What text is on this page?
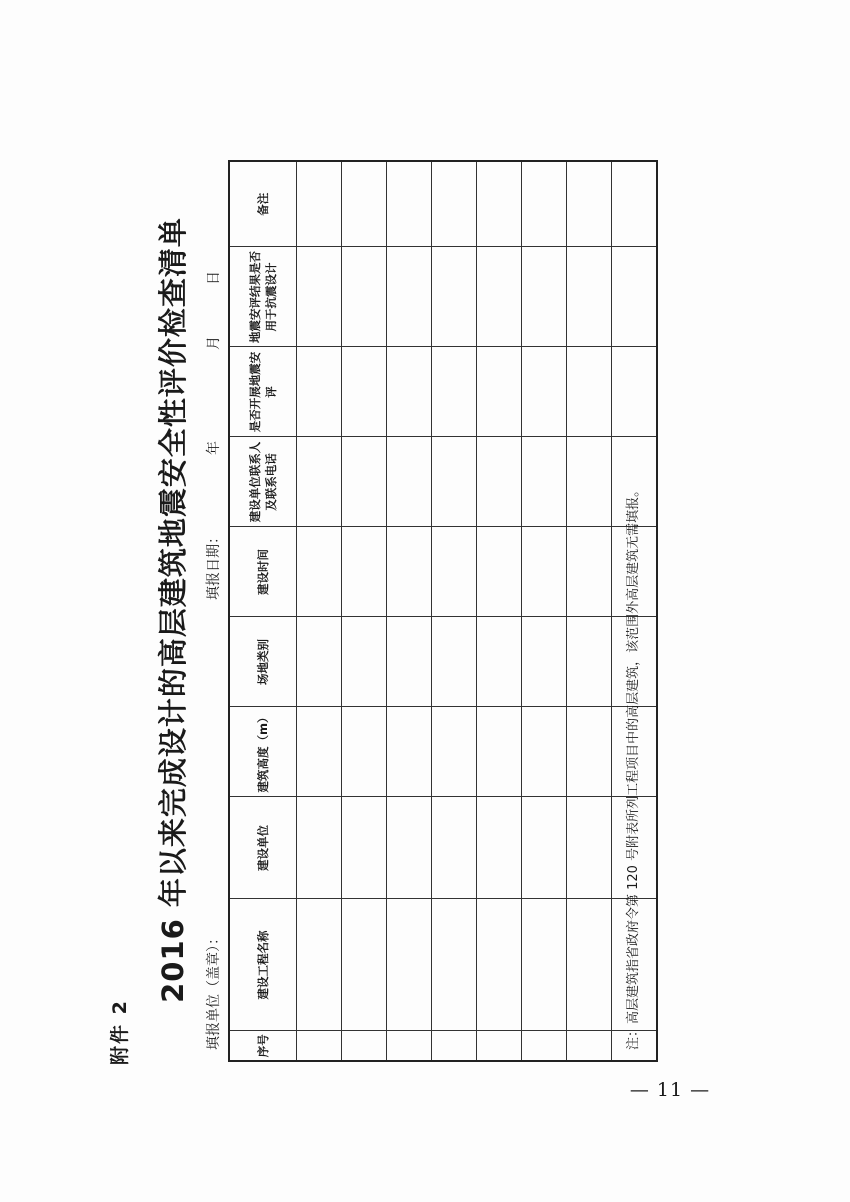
附件 2
2016 年以来完成设计的高层建筑地震安全性评价检查清单	填报单位（盖章）：
填报日期：
年
月
日
序号	建设工程名称	建设单位	建筑高度（m）	场地类别	建设时间	建设单位联系人及联系电话	是否开展地震安评	地震安评结果是否用于抗震设计	备注

注：高层建筑指省政府令第 120 号附表所列工程项目中的高层建筑，该范围外高层建筑无需填报。
— 11 —
